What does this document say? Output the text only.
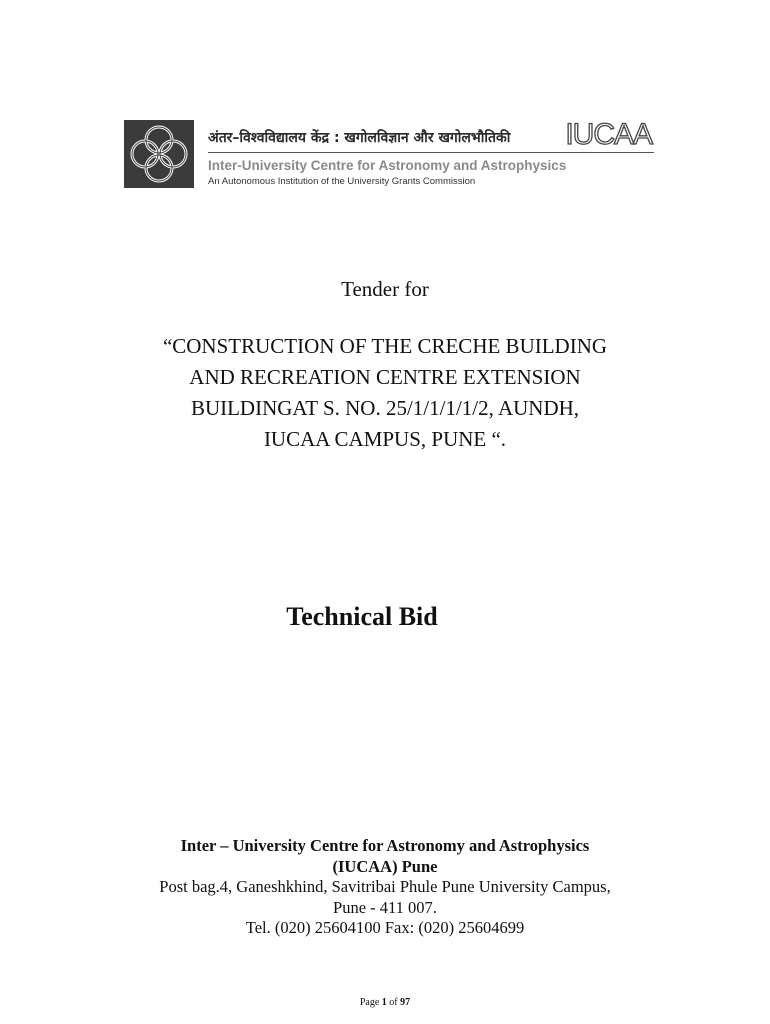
अंतर–विश्वविद्यालय केंद्र : खगोलविज्ञान और खगोलभौतिकी IUCAA
Inter-University Centre for Astronomy and Astrophysics
An Autonomous Institution of the University Grants Commission
Tender for
“CONSTRUCTION OF THE CRECHE BUILDING
AND RECREATION CENTRE EXTENSION
BUILDINGAT S. NO. 25/1/1/1/1/2, AUNDH,
IUCAA CAMPUS, PUNE “.
Technical Bid
Inter – University Centre for Astronomy and Astrophysics
(IUCAA) Pune
Post bag.4, Ganeshkhind, Savitribai Phule Pune University Campus,
Pune - 411 007.
Tel. (020) 25604100 Fax: (020) 25604699
Page 1 of 97
